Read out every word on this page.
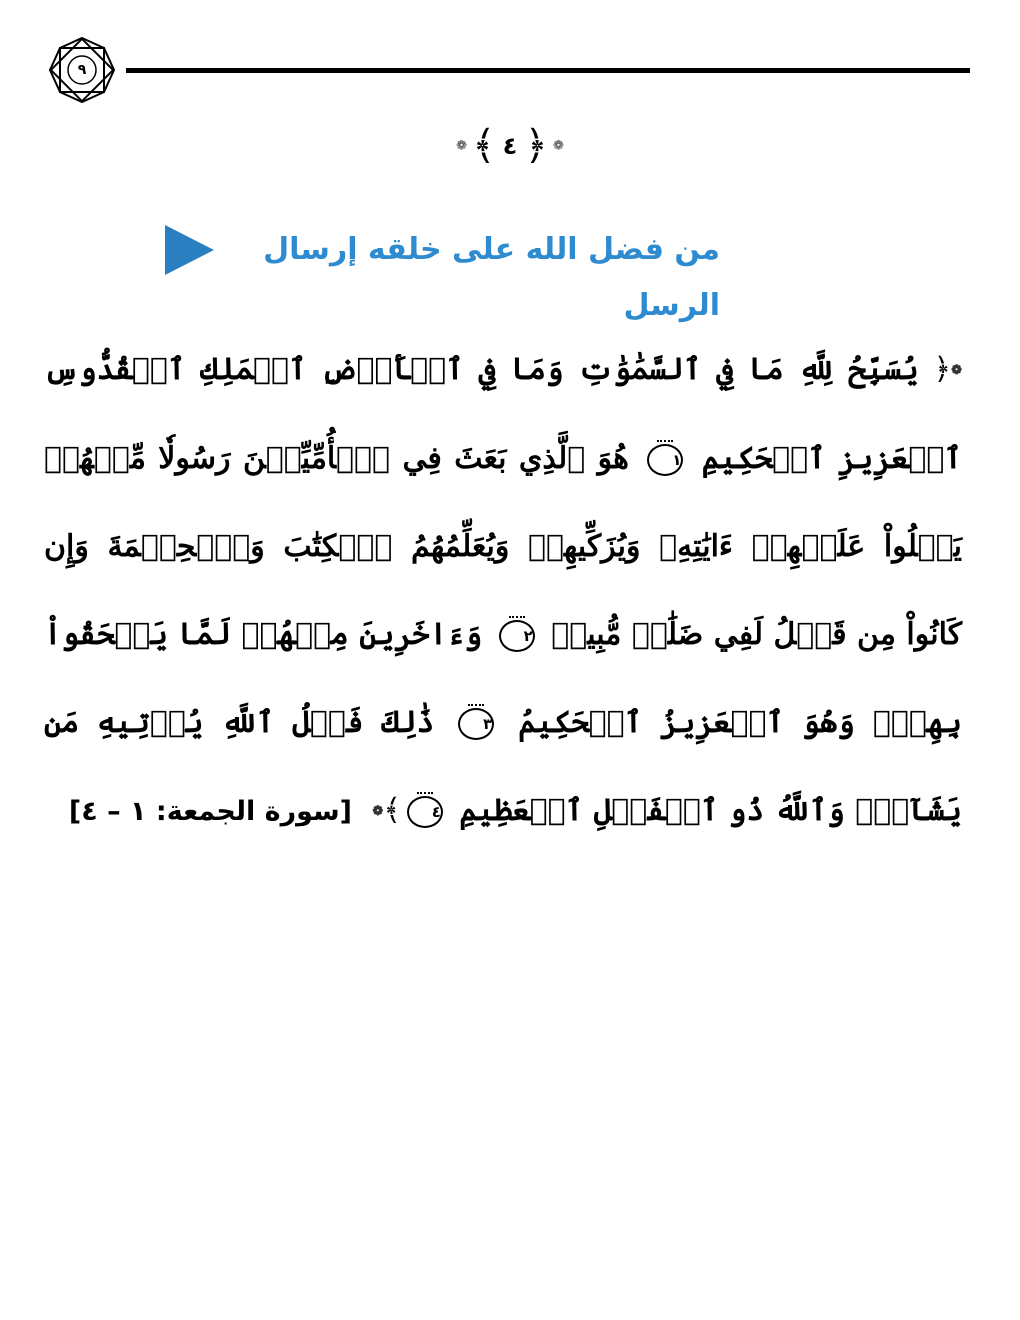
٩
❁ ﴿ ٤ ﴾ ❁
من فضل الله على خلقه إرسال الرسل
❁﴿ يُسَبِّحُ لِلَّهِ مَا فِي ٱلسَّمَٰوَٰتِ وَمَا فِي ٱلۡأَرۡضِ ٱلۡمَلِكِ ٱلۡقُدُّوسِ ٱلۡعَزِيزِ ٱلۡحَكِيمِ ١ هُوَ ٱلَّذِي بَعَثَ فِي ٱلۡأُمِّيِّـۧنَ رَسُولٗا مِّنۡهُمۡ يَتۡلُواْ عَلَيۡهِمۡ ءَايَٰتِهِۦ وَيُزَكِّيهِمۡ وَيُعَلِّمُهُمُ ٱلۡكِتَٰبَ وَٱلۡحِكۡمَةَ وَإِن كَانُواْ مِن قَبۡلُ لَفِي ضَلَٰلٖ مُّبِينٖ ٢ وَءَاخَرِينَ مِنۡهُمۡ لَمَّا يَلۡحَقُواْ بِهِمۡۚ وَهُوَ ٱلۡعَزِيزُ ٱلۡحَكِيمُ ٣ ذَٰلِكَ فَضۡلُ ٱللَّهِ يُؤۡتِيهِ مَن يَشَآءُۚ وَٱللَّهُ ذُو ٱلۡفَضۡلِ ٱلۡعَظِيمِ ٤﴾❁ [سورة الجمعة: ١ – ٤]
